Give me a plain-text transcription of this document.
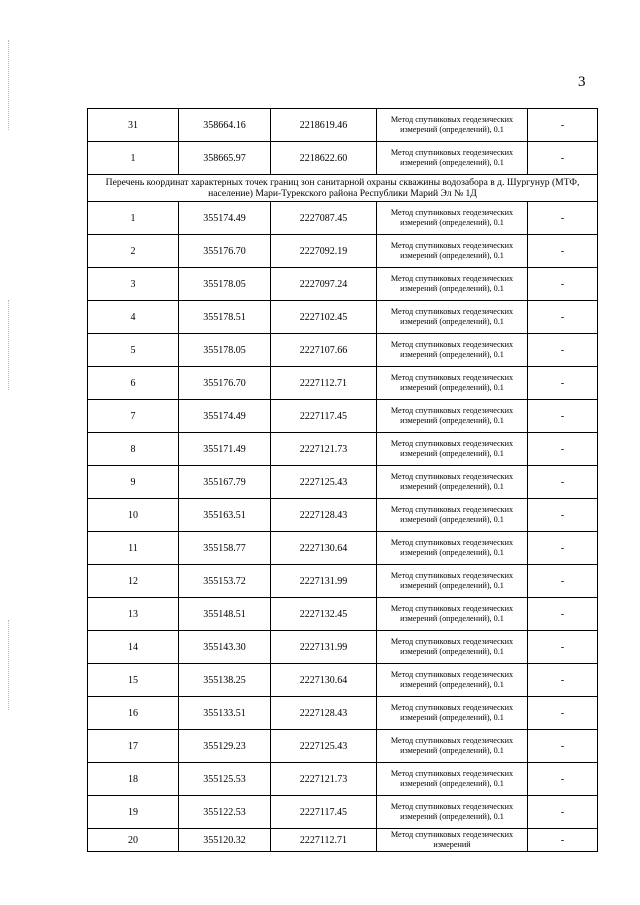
3
31	358664.16	2218619.46	Метод спутниковых геодезических измерений (определений), 0.1	-
1	358665.97	2218622.60	Метод спутниковых геодезических измерений (определений), 0.1	-
Перечень координат характерных точек границ зон санитарной охраны скважины водозабора в д. Шургунур (МТФ, население) Мари-Турекского района Республики Марий Эл № 1Д				
1	355174.49	2227087.45	Метод спутниковых геодезических измерений (определений), 0.1	-
2	355176.70	2227092.19	Метод спутниковых геодезических измерений (определений), 0.1	-
3	355178.05	2227097.24	Метод спутниковых геодезических измерений (определений), 0.1	-
4	355178.51	2227102.45	Метод спутниковых геодезических измерений (определений), 0.1	-
5	355178.05	2227107.66	Метод спутниковых геодезических измерений (определений), 0.1	-
6	355176.70	2227112.71	Метод спутниковых геодезических измерений (определений), 0.1	-
7	355174.49	2227117.45	Метод спутниковых геодезических измерений (определений), 0.1	-
8	355171.49	2227121.73	Метод спутниковых геодезических измерений (определений), 0.1	-
9	355167.79	2227125.43	Метод спутниковых геодезических измерений (определений), 0.1	-
10	355163.51	2227128.43	Метод спутниковых геодезических измерений (определений), 0.1	-
11	355158.77	2227130.64	Метод спутниковых геодезических измерений (определений), 0.1	-
12	355153.72	2227131.99	Метод спутниковых геодезических измерений (определений), 0.1	-
13	355148.51	2227132.45	Метод спутниковых геодезических измерений (определений), 0.1	-
14	355143.30	2227131.99	Метод спутниковых геодезических измерений (определений), 0.1	-
15	355138.25	2227130.64	Метод спутниковых геодезических измерений (определений), 0.1	-
16	355133.51	2227128.43	Метод спутниковых геодезических измерений (определений), 0.1	-
17	355129.23	2227125.43	Метод спутниковых геодезических измерений (определений), 0.1	-
18	355125.53	2227121.73	Метод спутниковых геодезических измерений (определений), 0.1	-
19	355122.53	2227117.45	Метод спутниковых геодезических измерений (определений), 0.1	-
20	355120.32	2227112.71	Метод спутниковых геодезических измерений	-
